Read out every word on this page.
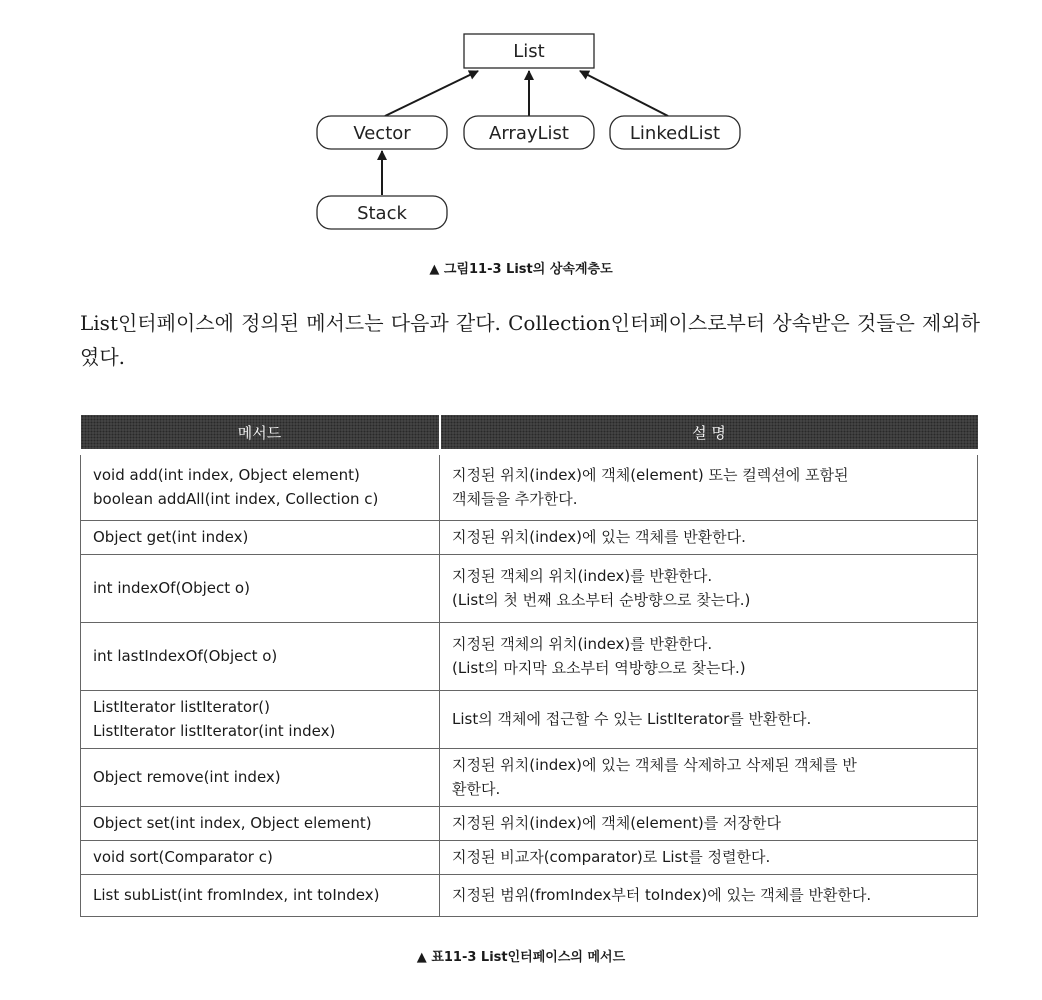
List
Vector	ArrayList	LinkedList
Stack
▲ 그림11-3 List의 상속계층도

List인터페이스에 정의된 메서드는 다음과 같다. Collection인터페이스로부터 상속받은 것들은 제외하였다.

메서드	설 명

void add(int index, Object element)
boolean addAll(int index, Collection c)	지정된 위치(index)에 객체(element) 또는 컬렉션에 포함된
객체들을 추가한다.

Object get(int index)	지정된 위치(index)에 있는 객체를 반환한다.

int indexOf(Object o)	지정된 객체의 위치(index)를 반환한다.
(List의 첫 번째 요소부터 순방향으로 찾는다.)

int lastIndexOf(Object o)	지정된 객체의 위치(index)를 반환한다.
(List의 마지막 요소부터 역방향으로 찾는다.)

ListIterator listIterator()
ListIterator listIterator(int index)	List의 객체에 접근할 수 있는 ListIterator를 반환한다.

Object remove(int index)	지정된 위치(index)에 있는 객체를 삭제하고 삭제된 객체를 반
환한다.

Object set(int index, Object element)	지정된 위치(index)에 객체(element)를 저장한다

void sort(Comparator c)	지정된 비교자(comparator)로 List를 정렬한다.

List subList(int fromIndex, int toIndex)	지정된 범위(fromIndex부터 toIndex)에 있는 객체를 반환한다.
▲ 표11-3 List인터페이스의 메서드
